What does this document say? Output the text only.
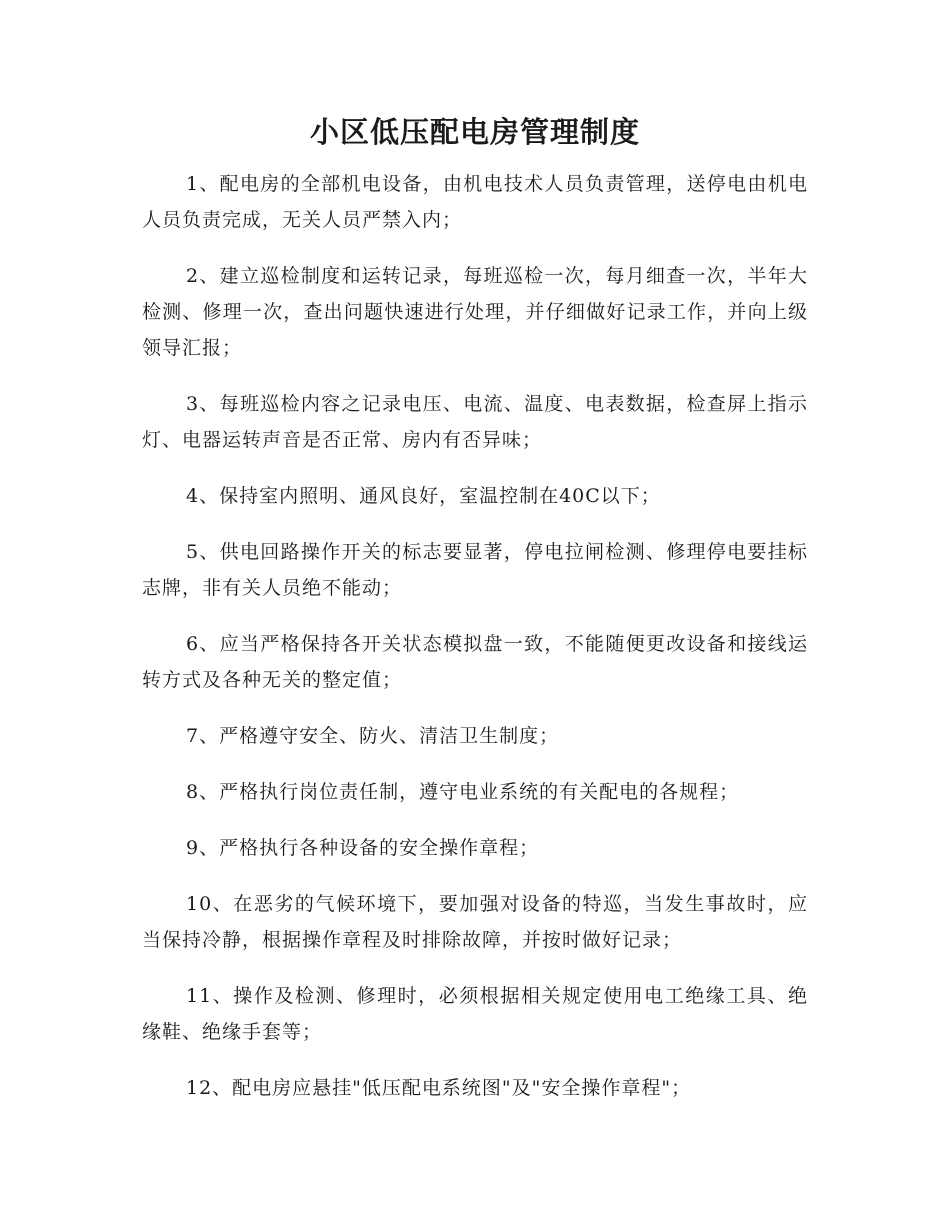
小区低压配电房管理制度

1、配电房的全部机电设备，由机电技术人员负责管理，送停电由机电人员负责完成，无关人员严禁入内；

2、建立巡检制度和运转记录，每班巡检一次，每月细查一次，半年大检测、修理一次，查出问题快速进行处理，并仔细做好记录工作，并向上级领导汇报；

3、每班巡检内容之记录电压、电流、温度、电表数据，检查屏上指示灯、电器运转声音是否正常、房内有否异味；

4、保持室内照明、通风良好，室温控制在40C以下；

5、供电回路操作开关的标志要显著，停电拉闸检测、修理停电要挂标志牌，非有关人员绝不能动；

6、应当严格保持各开关状态模拟盘一致，不能随便更改设备和接线运转方式及各种无关的整定值；

7、严格遵守安全、防火、清洁卫生制度；

8、严格执行岗位责任制，遵守电业系统的有关配电的各规程；

9、严格执行各种设备的安全操作章程；

10、在恶劣的气候环境下，要加强对设备的特巡，当发生事故时，应当保持冷静，根据操作章程及时排除故障，并按时做好记录；

11、操作及检测、修理时，必须根据相关规定使用电工绝缘工具、绝缘鞋、绝缘手套等；

12、配电房应悬挂"低压配电系统图"及"安全操作章程"；
